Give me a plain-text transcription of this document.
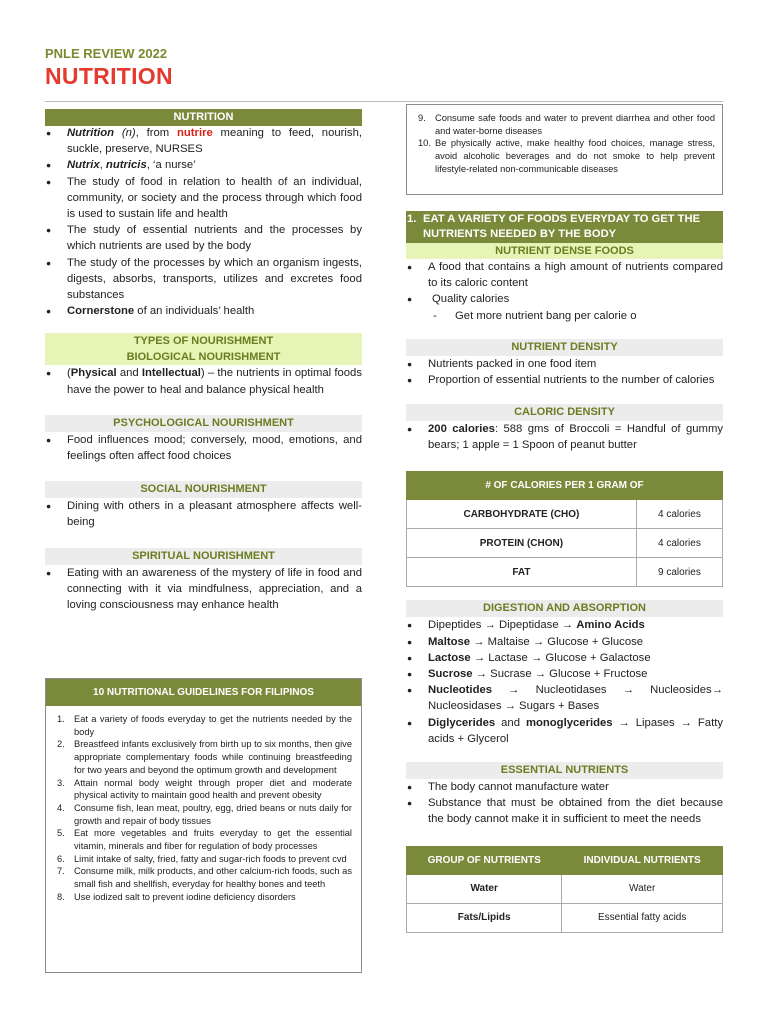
PNLE REVIEW 2022
NUTRITION
NUTRITION
● Nutrition (n), from nutrire meaning to feed, nourish, suckle, preserve, NURSES
● Nutrix, nutricis, ‘a nurse’
● The study of food in relation to health of an individual, community, or society and the process through which food is used to sustain life and health
● The study of essential nutrients and the processes by which nutrients are used by the body
● The study of the processes by which an organism ingests, digests, absorbs, transports, utilizes and excretes food substances
● Cornerstone of an individuals’ health
TYPES OF NOURISHMENT
BIOLOGICAL NOURISHMENT
● (Physical and Intellectual) – the nutrients in optimal foods have the power to heal and balance physical health
PSYCHOLOGICAL NOURISHMENT
● Food influences mood; conversely, mood, emotions, and feelings often affect food choices
SOCIAL NOURISHMENT
● Dining with others in a pleasant atmosphere affects well-being
SPIRITUAL NOURISHMENT
● Eating with an awareness of the mystery of life in food and connecting with it via mindfulness, appreciation, and a loving consciousness may enhance health
10 NUTRITIONAL GUIDELINES FOR FILIPINOS
1. Eat a variety of foods everyday to get the nutrients needed by the body
2. Breastfeed infants exclusively from birth up to six months, then give appropriate complementary foods while continuing breastfeeding for two years and beyond the optimum growth and development
3. Attain normal body weight through proper diet and moderate physical activity to maintain good health and prevent obesity
4. Consume fish, lean meat, poultry, egg, dried beans or nuts daily for growth and repair of body tissues
5. Eat more vegetables and fruits everyday to get the essential vitamin, minerals and fiber for regulation of body processes
6. Limit intake of salty, fried, fatty and sugar-rich foods to prevent cvd
7. Consume milk, milk products, and other calcium-rich foods, such as small fish and shellfish, everyday for healthy bones and teeth
8. Use iodized salt to prevent iodine deficiency disorders
9. Consume safe foods and water to prevent diarrhea and other food and water-borne diseases
10. Be physically active, make healthy food choices, manage stress, avoid alcoholic beverages and do not smoke to help prevent lifestyle-related non-communicable diseases
1. EAT A VARIETY OF FOODS EVERYDAY TO GET THE NUTRIENTS NEEDED BY THE BODY
NUTRIENT DENSE FOODS
● A food that contains a high amount of nutrients compared to its caloric content
● Quality calories
- Get more nutrient bang per calorie o
NUTRIENT DENSITY
● Nutrients packed in one food item
● Proportion of essential nutrients to the number of calories
CALORIC DENSITY
● 200 calories: 588 gms of Broccoli = Handful of gummy bears; 1 apple = 1 Spoon of peanut butter
# OF CALORIES PER 1 GRAM OF	
CARBOHYDRATE (CHO)	4 calories
PROTEIN (CHON)	4 calories
FAT	9 calories
DIGESTION AND ABSORPTION
● Dipeptides → Dipeptidase → Amino Acids
● Maltose → Maltaise → Glucose + Glucose
● Lactose → Lactase → Glucose + Galactose
● Sucrose → Sucrase → Glucose + Fructose
● Nucleotides → Nucleotidases → Nucleosides→ Nucleosidases → Sugars + Bases
● Diglycerides and monoglycerides → Lipases → Fatty acids + Glycerol
ESSENTIAL NUTRIENTS
● The body cannot manufacture water
● Substance that must be obtained from the diet because the body cannot make it in sufficient to meet the needs
GROUP OF NUTRIENTS	INDIVIDUAL NUTRIENTS
Water	Water
Fats/Lipids	Essential fatty acids
